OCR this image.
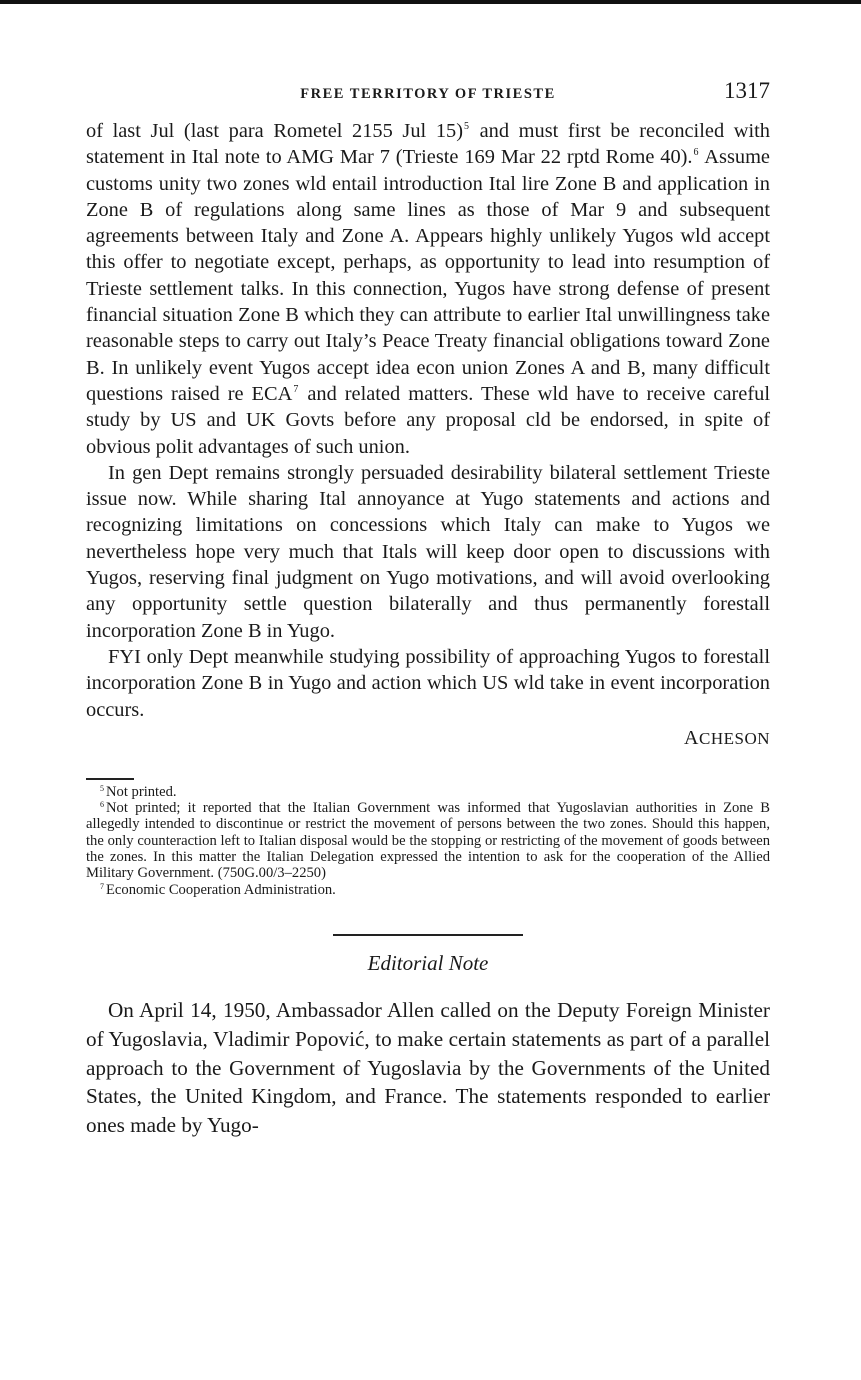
FREE TERRITORY OF TRIESTE	1317

of last Jul (last para Rometel 2155 Jul 15)$^5$ and must first be reconciled with statement in Ital note to AMG Mar 7 (Trieste 169 Mar 22 rptd Rome 40).$^6$ Assume customs unity two zones wld entail introduction Ital lire Zone B and application in Zone B of regulations along same lines as those of Mar 9 and subsequent agreements between Italy and Zone A. Appears highly unlikely Yugos wld accept this offer to negotiate except, perhaps, as opportunity to lead into resumption of Trieste settlement talks. In this connection, Yugos have strong defense of present financial situation Zone B which they can attribute to earlier Ital unwillingness take reasonable steps to carry out Italy’s Peace Treaty financial obligations toward Zone B. In unlikely event Yugos accept idea econ union Zones A and B, many difficult questions raised re ECA$^7$ and related matters. These wld have to receive careful study by US and UK Govts before any proposal cld be endorsed, in spite of obvious polit advantages of such union.

In gen Dept remains strongly persuaded desirability bilateral settlement Trieste issue now. While sharing Ital annoyance at Yugo statements and actions and recognizing limitations on concessions which Italy can make to Yugos we nevertheless hope very much that Itals will keep door open to discussions with Yugos, reserving final judgment on Yugo motivations, and will avoid overlooking any opportunity settle question bilaterally and thus permanently forestall incorporation Zone B in Yugo.

FYI only Dept meanwhile studying possibility of approaching Yugos to forestall incorporation Zone B in Yugo and action which US wld take in event incorporation occurs.

ACHESON

$^5$ Not printed.

$^6$ Not printed; it reported that the Italian Government was informed that Yugoslavian authorities in Zone B allegedly intended to discontinue or restrict the movement of persons between the two zones. Should this happen, the only counteraction left to Italian disposal would be the stopping or restricting of the movement of goods between the zones. In this matter the Italian Delegation expressed the intention to ask for the cooperation of the Allied Military Government. (750G.00/3–2250)

$^7$ Economic Cooperation Administration.

Editorial Note

On April 14, 1950, Ambassador Allen called on the Deputy Foreign Minister of Yugoslavia, Vladimir Popović, to make certain statements as part of a parallel approach to the Government of Yugoslavia by the Governments of the United States, the United Kingdom, and France. The statements responded to earlier ones made by Yugo-
